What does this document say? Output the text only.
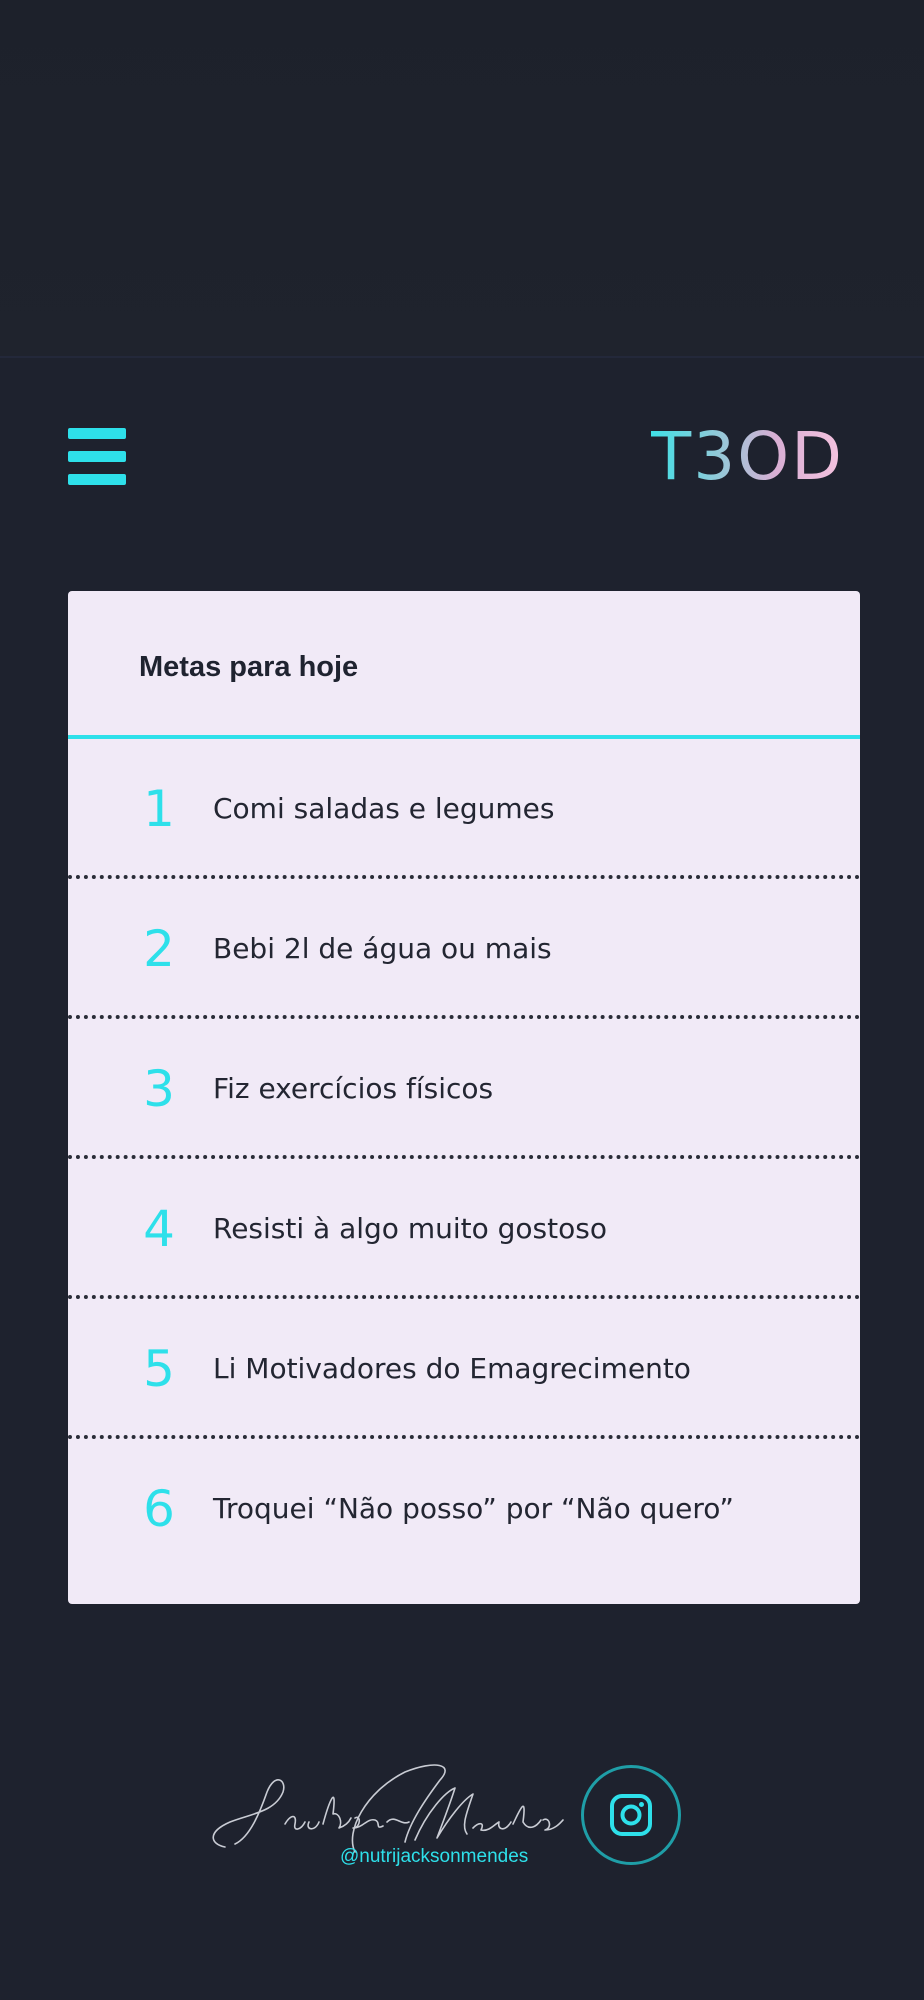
T3OD
Metas para hoje
1	Comi saladas e legumes
2	Bebi 2l de água ou mais
3	Fiz exercícios físicos
4	Resisti à algo muito gostoso
5	Li Motivadores do Emagrecimento
6	Troquei “Não posso” por “Não quero”
@nutrijacksonmendes
